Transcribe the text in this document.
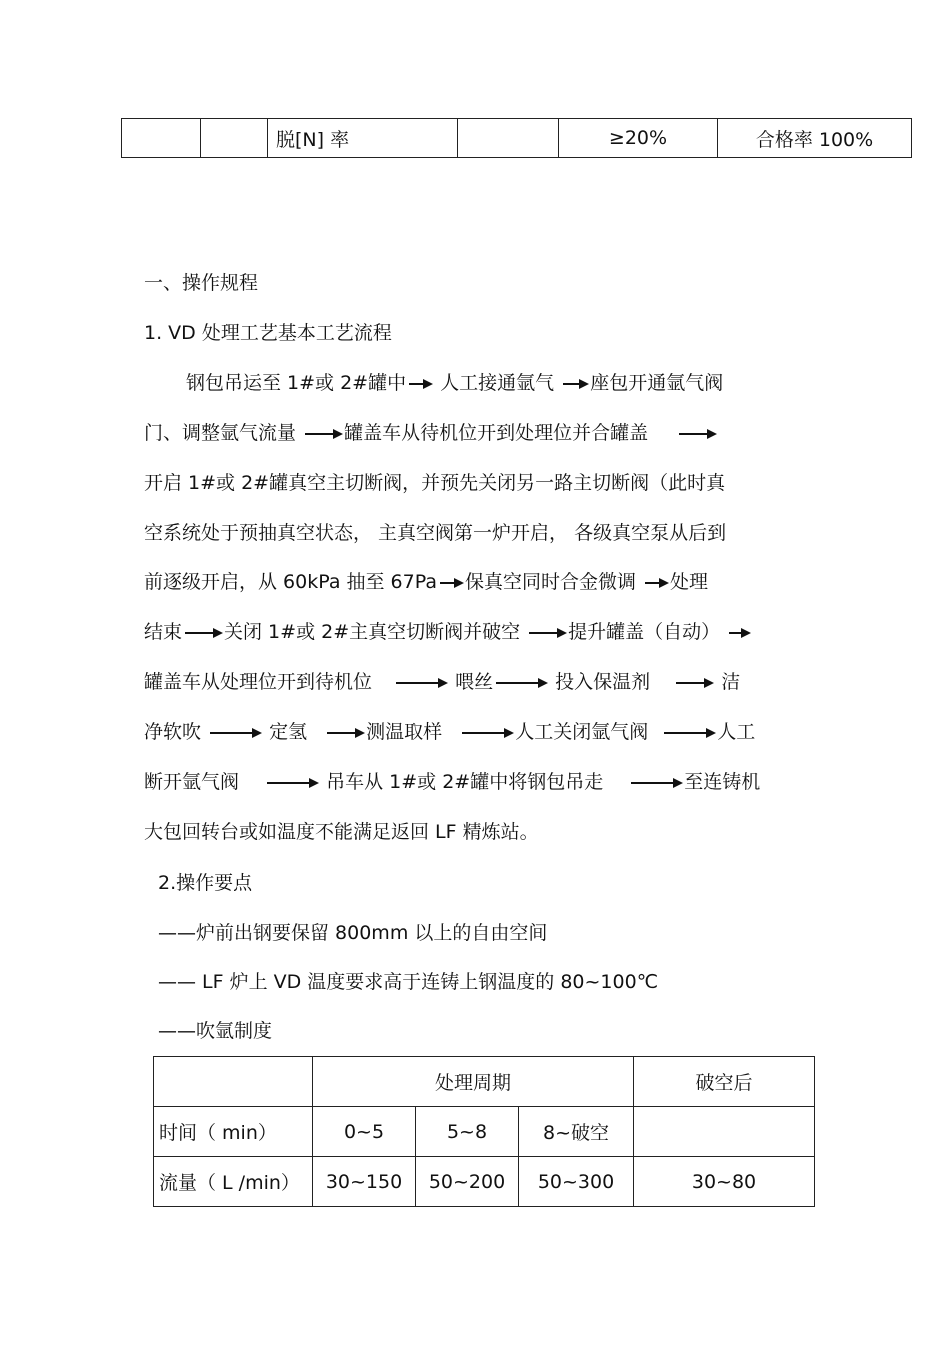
		脱[N] 率		≥20%	合格率 100%
一、操作规程
1. VD 处理工艺基本工艺流程
钢包吊运至 1#或 2#罐中 人工接通氩气 座包开通氩气阀
门、调整氩气流量	罐盖车从待机位开到处理位并合罐盖
开启 1#或 2#罐真空主切断阀，并预先关闭另一路主切断阀（此时真
空系统处于预抽真空状态， 主真空阀第一炉开启， 各级真空泵从后到
前逐级开启，从 60kPa 抽至 67Pa 保真空同时合金微调 处理
结束 关闭 1#或 2#主真空切断阀并破空	提升罐盖（自动）
罐盖车从处理位开到待机位	喂丝	投入保温剂	洁
净软吹	定氢	测温取样	人工关闭氩气阀	人工
断开氩气阀	吊车从 1#或 2#罐中将钢包吊走	至连铸机
大包回转台或如温度不能满足返回 LF 精炼站。
2.操作要点
——炉前出钢要保留 800mm 以上的自由空间
—— LF 炉上 VD 温度要求高于连铸上钢温度的 80~100℃
——吹氩制度
	处理周期			破空后
时间（ min）	0~5	5~8	8~破空	
流量（ L /min）	30~150	50~200	50~300	30~80
